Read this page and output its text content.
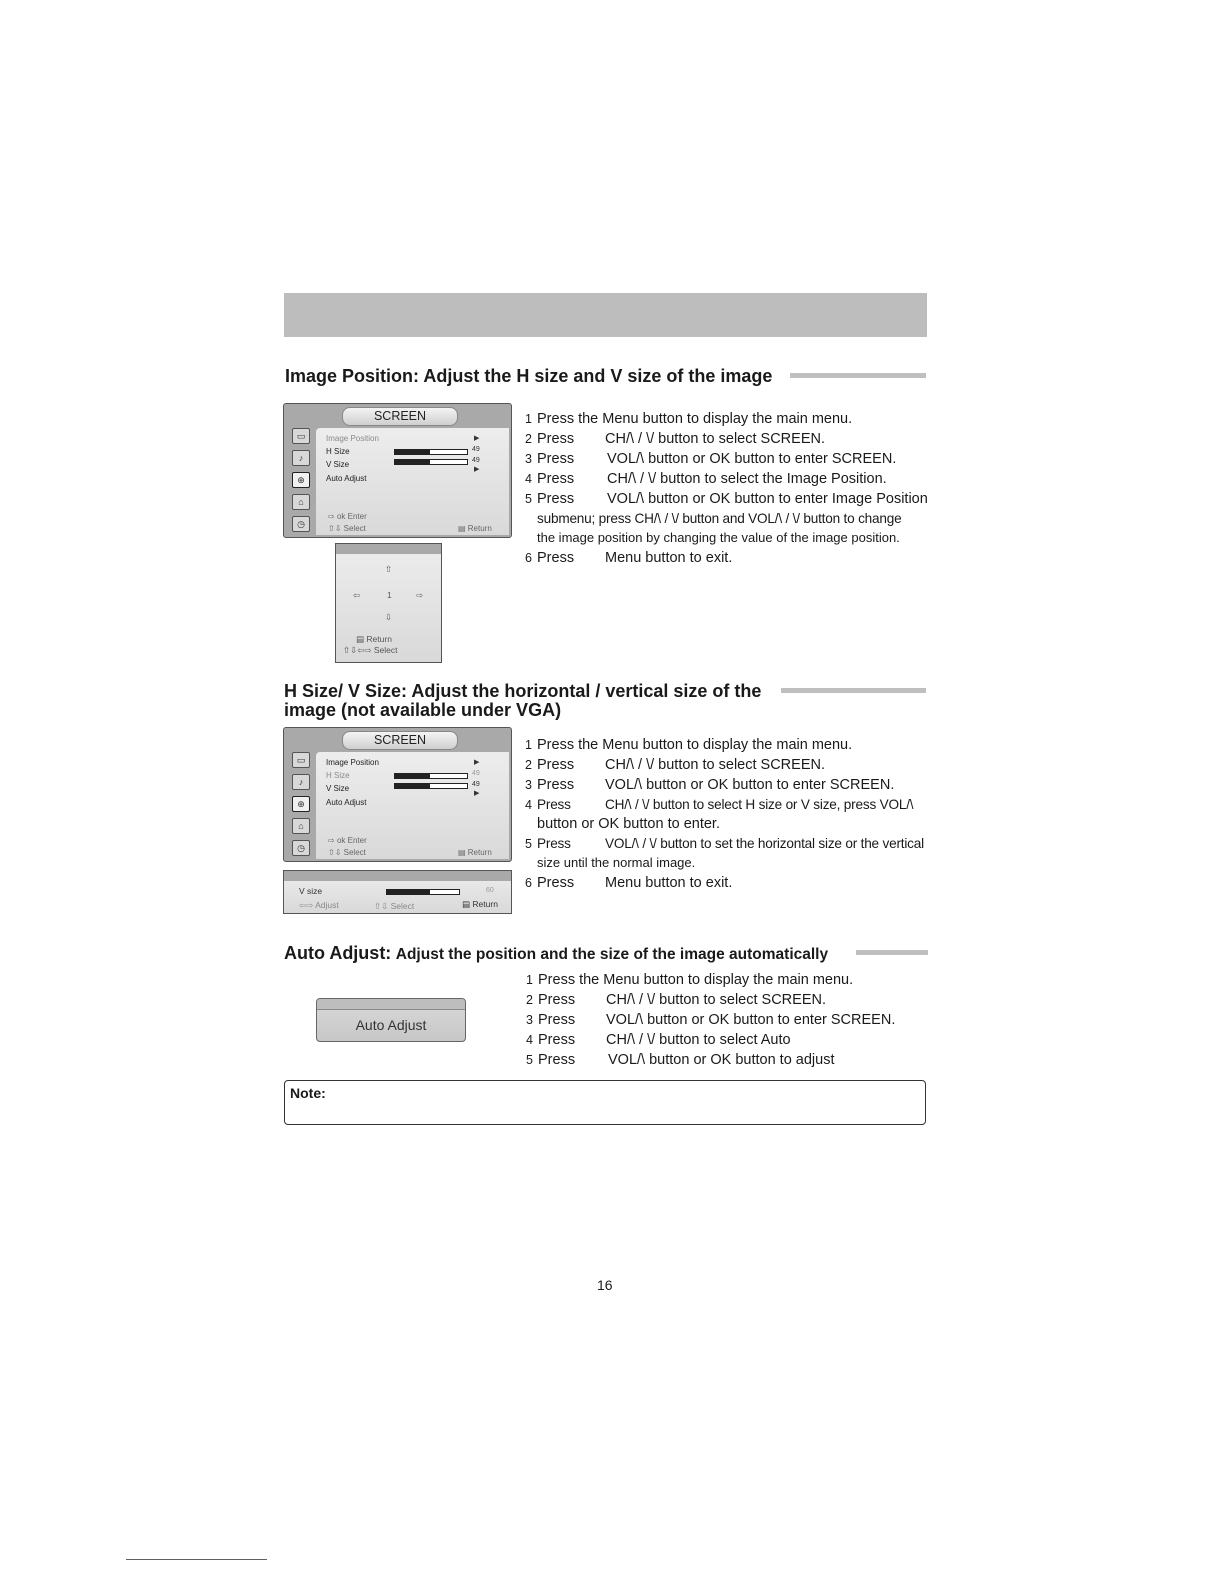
Image Position: Adjust the H size and V size of the image
SCREEN
▭
♪
⊕
⌂
◷
Image Position	▶
H Size	49
V Size	49
▶
Auto Adjust
⇨ ok Enter
⇧⇩ Select	▤ Return
⇧
⇦	1	⇨
⇩
▤ Return
⇧⇩⇦⇨ Select
1 Press the Menu button to display the main menu.
2 Press CH/\ / \/ button to select SCREEN.
3 Press VOL/\ button or OK button to enter SCREEN.
4 Press CH/\ / \/ button to select the Image Position.
5 Press VOL/\ button or OK button to enter Image Position
submenu; press CH/\ / \/ button and VOL/\ / \/ button to change
the image position by changing the value of the image position.
6 Press Menu button to exit.
H Size/ V Size: Adjust the horizontal / vertical size of the
image (not available under VGA)
SCREEN
▭
♪
⊕
⌂
◷
Image Position	▶
H Size	49
V Size	49
▶
Auto Adjust
⇨ ok Enter
⇧⇩ Select	▤ Return
V size	60
⇦⇨ Adjust	⇧⇩ Select	▤ Return
1 Press the Menu button to display the main menu.
2 Press CH/\ / \/ button to select SCREEN.
3 Press VOL/\ button or OK button to enter SCREEN.
4 Press	CH/\ / \/ button to select H size or V size, press VOL/\
button or OK button to enter.
5 Press	VOL/\ / \/ button to set the horizontal size or the vertical
size until the normal image.
6 Press Menu button to exit.
Auto Adjust: Adjust the position and the size of the image automatically
Auto Adjust
1 Press the Menu button to display the main menu.
2 Press CH/\ / \/ button to select SCREEN.
3 Press VOL/\ button or OK button to enter SCREEN.
4 Press CH/\ / \/ button to select Auto
5 Press VOL/\ button or OK button to adjust
Note:
16
